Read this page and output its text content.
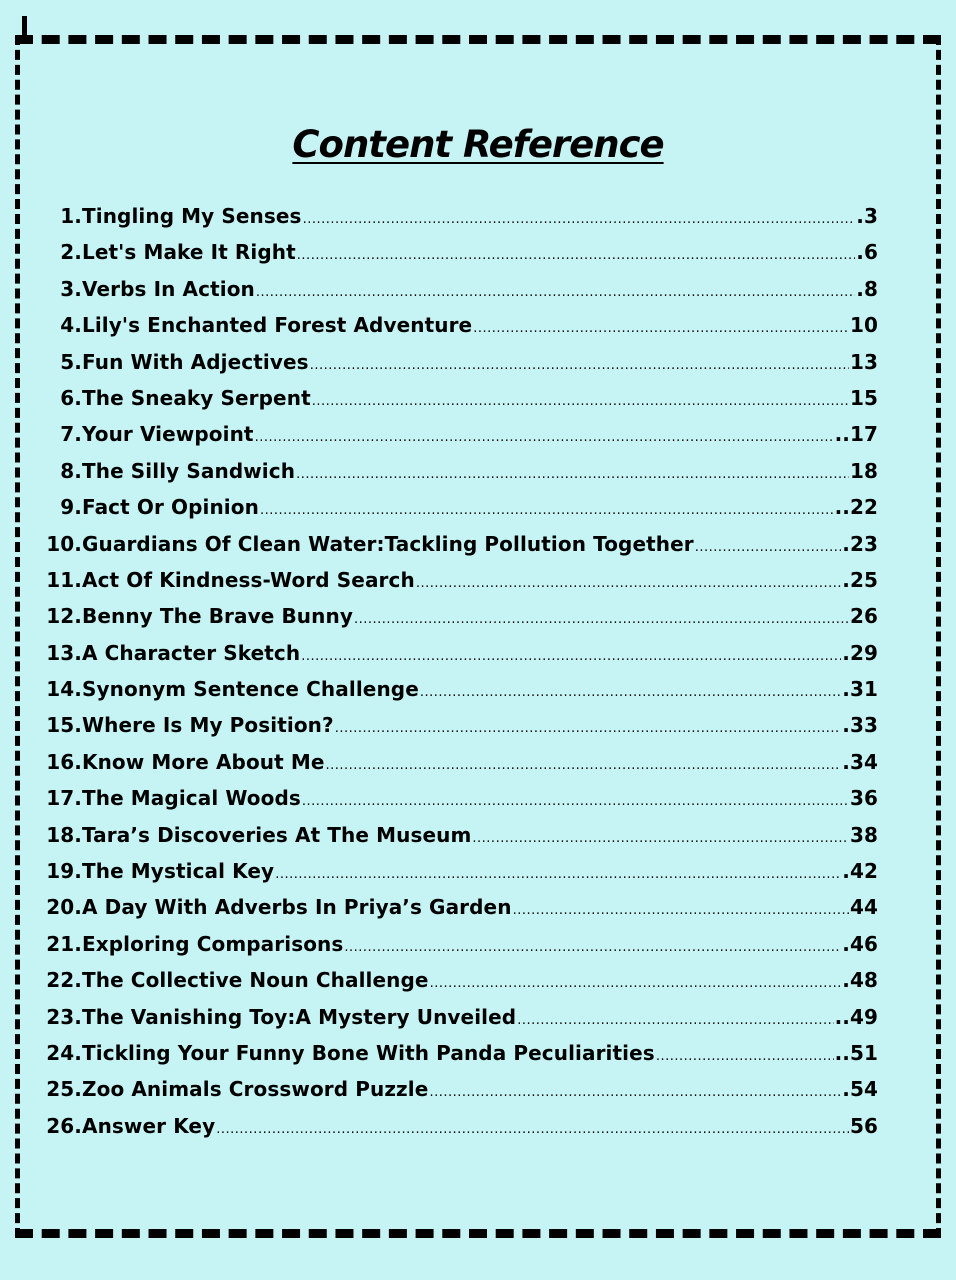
Content Reference
1. Tingling My Senses .....	.3
2. Let's Make It Right .....	.6
3. Verbs In Action .....	.8
4. Lily's Enchanted Forest Adventure .....	10
5. Fun With Adjectives .....	13
6. The Sneaky Serpent .....	15
7. Your Viewpoint .....	..17
8. The Silly Sandwich .....	18
9. Fact Or Opinion .....	..22
10. Guardians Of Clean Water:Tackling Pollution Together .....	.23
11. Act Of Kindness-Word Search .....	.25
12. Benny The Brave Bunny .....	26
13. A Character Sketch .....	.29
14. Synonym Sentence Challenge .....	.31
15. Where Is My Position? .....	.33
16. Know More About Me .....	.34
17. The Magical Woods .....	36
18. Tara’s Discoveries At The Museum .....	38
19. The Mystical Key .....	.42
20. A Day With Adverbs In Priya’s Garden .....	44
21. Exploring Comparisons .....	.46
22. The Collective Noun Challenge .....	.48
23. The Vanishing Toy:A Mystery Unveiled .....	..49
24. Tickling Your Funny Bone With Panda Peculiarities .....	..51
25. Zoo Animals Crossword Puzzle .....	.54
26. Answer Key .....	56
